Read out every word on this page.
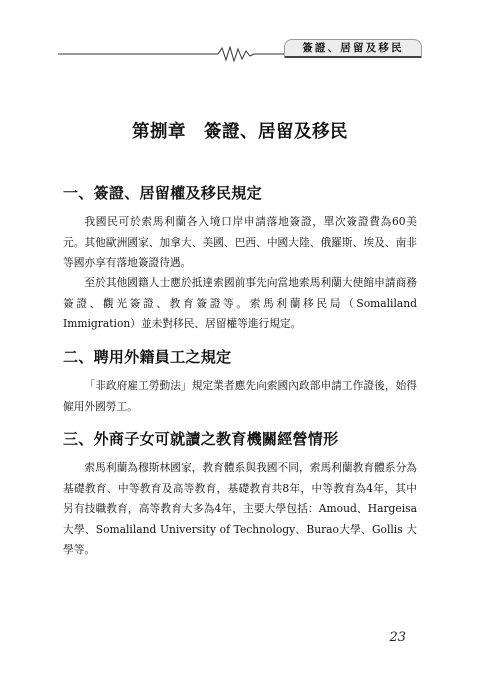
簽證、居留及移民
第捌章　簽證、居留及移民
一、簽證、居留權及移民規定

我國民可於索馬利蘭各入境口岸申請落地簽證，單次簽證費為60美元。其他歐洲國家、加拿大、美國、巴西、中國大陸、俄羅斯、埃及、南非等國亦享有落地簽證待遇。

至於其他國籍人士應於抵達索國前事先向當地索馬利蘭大使館申請商務簽證、觀光簽證、教育簽證等。索馬利蘭移民局（Somaliland Immigration）並未對移民、居留權等進行規定。

二、聘用外籍員工之規定

「非政府雇工勞動法」規定業者應先向索國內政部申請工作證後，始得僱用外國勞工。

三、外商子女可就讀之教育機關經營情形

索馬利蘭為穆斯林國家，教育體系與我國不同，索馬利蘭教育體系分為基礎教育、中等教育及高等教育，基礎教育共8年，中等教育為4年，其中另有技職教育，高等教育大多為4年，主要大學包括：Amoud、Hargeisa大學、Somaliland University of Technology、Burao大學、Gollis 大學等。

23
